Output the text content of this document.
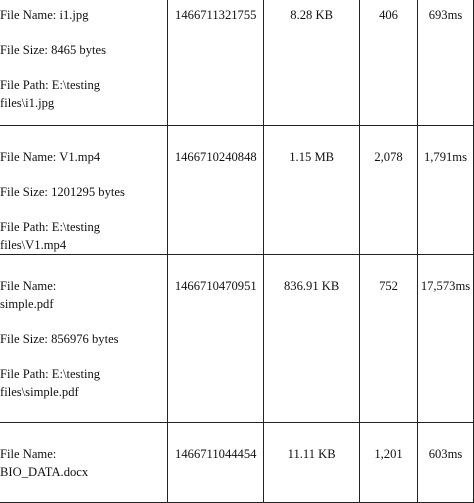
File Name: i1.jpg

File Size: 8465 bytes

File Path: E:\testing

files\i1.jpg	1466711321755	8.28 KB	406	693ms

File Name: V1.mp4

File Size: 1201295 bytes

File Path: E:\testing

files\V1.mp4	1466710240848	1.15 MB	2,078	1,791ms

File Name:

simple.pdf

File Size: 856976 bytes

File Path: E:\testing

files\simple.pdf	1466710470951	836.91 KB	752	17,573ms

File Name:

BIO_DATA.docx	1466711044454	11.11 KB	1,201	603ms
